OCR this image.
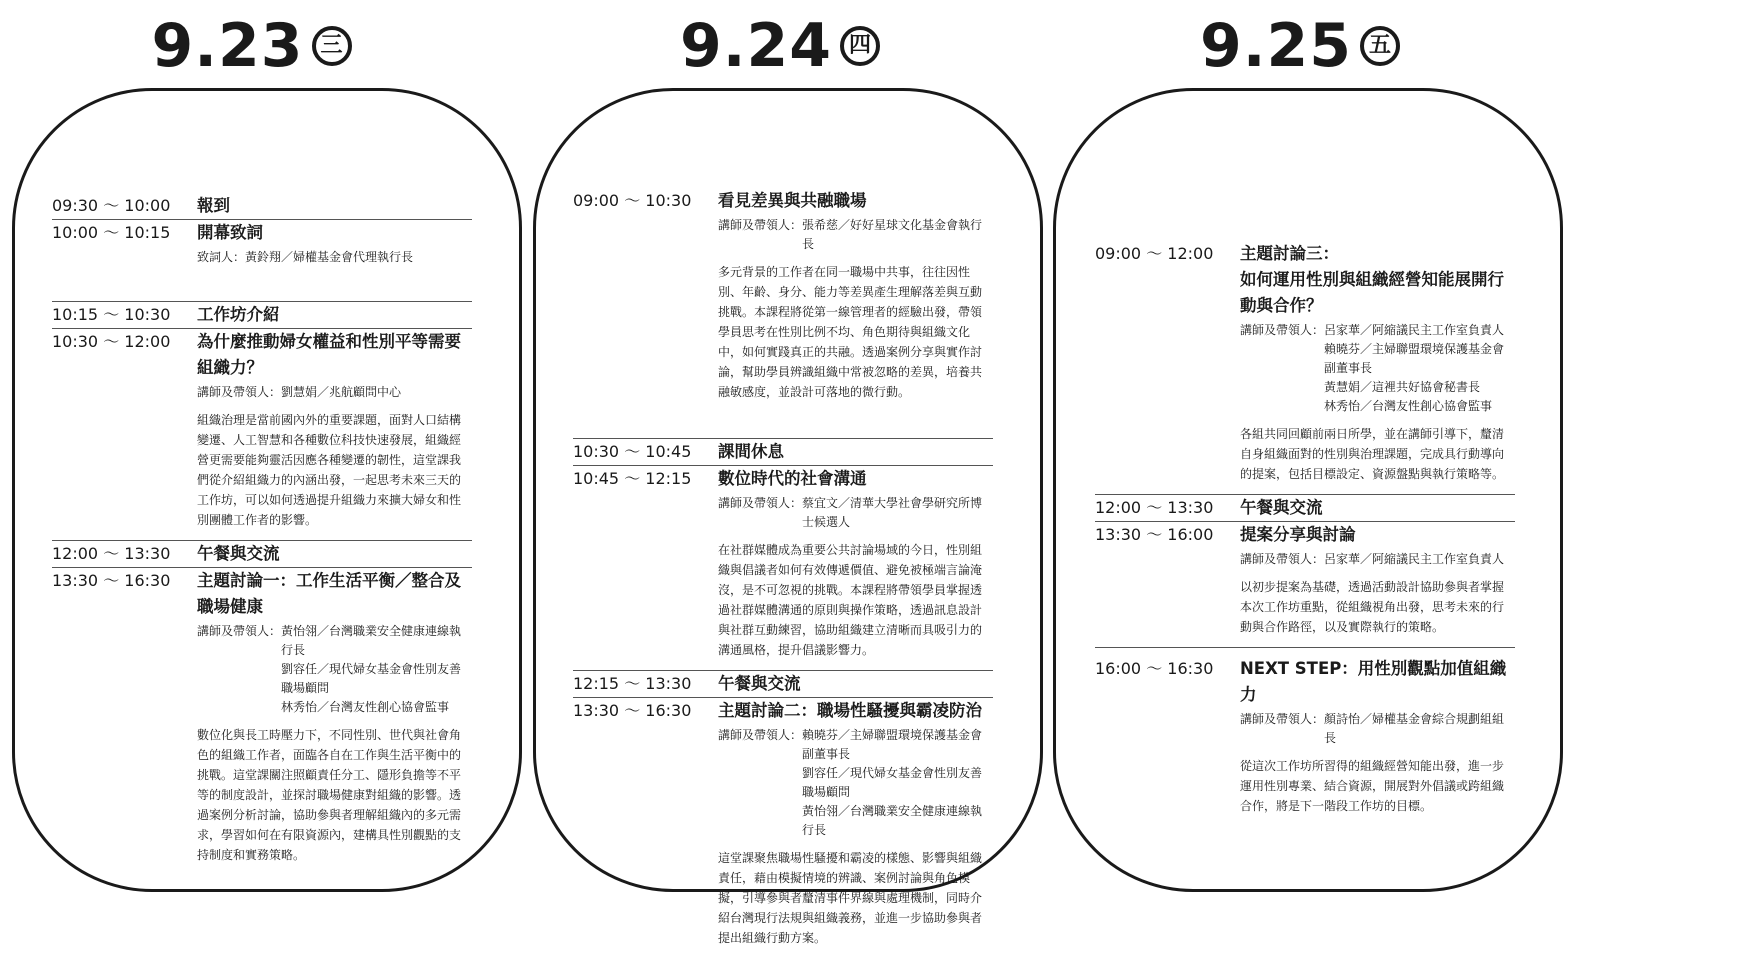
9.23 三
09:30 ～ 10:00	報到
10:00 ～ 10:15	開幕致詞
致詞人： 黃鈴翔／婦權基金會代理執行長
10:15 ～ 10:30	工作坊介紹
10:30 ～ 12:00	為什麼推動婦女權益和性別平等需要組織力？
講師及帶領人： 劉慧娟／兆航顧問中心
組織治理是當前國內外的重要課題，面對人口結構變遷、人工智慧和各種數位科技快速發展，組織經營更需要能夠靈活因應各種變遷的韌性，這堂課我們從介紹組織力的內涵出發，一起思考未來三天的工作坊，可以如何透過提升組織力來擴大婦女和性別團體工作者的影響。
12:00 ～ 13:30	午餐與交流
13:30 ～ 16:30	主題討論一：工作生活平衡／整合及職場健康
講師及帶領人： 黃怡翎／台灣職業安全健康連線執行長
劉容任／現代婦女基金會性別友善職場顧問
林秀怡／台灣友性創心協會監事
數位化與長工時壓力下，不同性別、世代與社會角色的組織工作者，面臨各自在工作與生活平衡中的挑戰。這堂課關注照顧責任分工、隱形負擔等不平等的制度設計，並探討職場健康對組織的影響。透過案例分析討論，協助參與者理解組織內的多元需求，學習如何在有限資源內，建構具性別觀點的支持制度和實務策略。
9.24 四
09:00 ～ 10:30	看見差異與共融職場
講師及帶領人： 張希慈／好好星球文化基金會執行長
多元背景的工作者在同一職場中共事，往往因性別、年齡、身分、能力等差異產生理解落差與互動挑戰。本課程將從第一線管理者的經驗出發，帶領學員思考在性別比例不均、角色期待與組織文化中，如何實踐真正的共融。透過案例分享與實作討論，幫助學員辨識組織中常被忽略的差異，培養共融敏感度，並設計可落地的微行動。
10:30 ～ 10:45	課間休息
10:45 ～ 12:15	數位時代的社會溝通
講師及帶領人： 蔡宜文／清華大學社會學研究所博士候選人
在社群媒體成為重要公共討論場域的今日，性別組織與倡議者如何有效傳遞價值、避免被極端言論淹沒，是不可忽視的挑戰。本課程將帶領學員掌握透過社群媒體溝通的原則與操作策略，透過訊息設計與社群互動練習，協助組織建立清晰而具吸引力的溝通風格，提升倡議影響力。
12:15 ～ 13:30	午餐與交流
13:30 ～ 16:30	主題討論二：職場性騷擾與霸凌防治
講師及帶領人： 賴曉芬／主婦聯盟環境保護基金會副董事長
劉容任／現代婦女基金會性別友善職場顧問
黃怡翎／台灣職業安全健康連線執行長
這堂課聚焦職場性騷擾和霸凌的樣態、影響與組織責任，藉由模擬情境的辨識、案例討論與角色模擬，引導參與者釐清事件界線與處理機制，同時介紹台灣現行法規與組織義務，並進一步協助參與者提出組織行動方案。
9.25 五
09:00 ～ 12:00	主題討論三：
如何運用性別與組織經營知能展開行動與合作？
講師及帶領人： 呂家華／阿縮議民主工作室負責人
賴曉芬／主婦聯盟環境保護基金會副董事長
黃慧娟／這裡共好協會秘書長
林秀怡／台灣友性創心協會監事
各組共同回顧前兩日所學，並在講師引導下，釐清自身組織面對的性別與治理課題，完成具行動導向的提案，包括目標設定、資源盤點與執行策略等。
12:00 ～ 13:30	午餐與交流
13:30 ～ 16:00	提案分享與討論
講師及帶領人： 呂家華／阿縮議民主工作室負責人
以初步提案為基礎，透過活動設計協助參與者掌握本次工作坊重點，從組織視角出發，思考未來的行動與合作路徑，以及實際執行的策略。
16:00 ～ 16:30	NEXT STEP：用性別觀點加值組織力
講師及帶領人： 顏詩怡／婦權基金會綜合規劃組組長
從這次工作坊所習得的組織經營知能出發，進一步運用性別專業、結合資源，開展對外倡議或跨組織合作，將是下一階段工作坊的目標。
